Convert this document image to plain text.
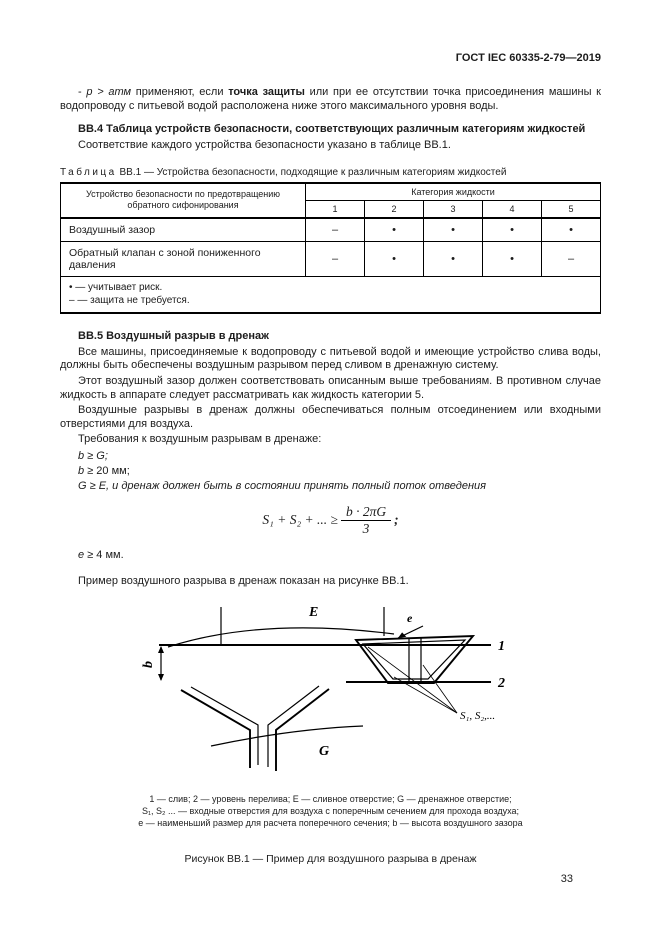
ГОСТ IEC 60335-2-79—2019

- р > атм применяют, если точка защиты или при ее отсутствии точка присоединения машины к водопроводу с питьевой водой расположена ниже этого максимального уровня воды.

ВВ.4 Таблица устройств безопасности, соответствующих различным категориям жидкостей

Соответствие каждого устройства безопасности указано в таблице ВВ.1.

Таблица ВВ.1 — Устройства безопасности, подходящие к различным категориям жидкостей
Устройство безопасности по предотвращению обратного сифонирования	Категория жидкости				
	1	2	3	4	5
Воздушный зазор	–	•	•	•	•
Обратный клапан с зоной пониженного давления	–	•	•	•	–

• — учитывает риск.
– — защита не требуется.					
ВВ.5 Воздушный разрыв в дренаж

Все машины, присоединяемые к водопроводу с питьевой водой и имеющие устройство слива воды, должны быть обеспечены воздушным разрывом перед сливом в дренажную систему.

Этот воздушный зазор должен соответствовать описанным выше требованиям. В противном случае жидкость в аппарате следует рассматривать как жидкость категории 5.

Воздушные разрывы в дренаж должны обеспечиваться полным отсоединением или входными отверстиями для воздуха.

Требования к воздушным разрывам в дренаже:

b ≥ G;
b ≥ 20 мм;
G ≥ E, и дренаж должен быть в состоянии принять полный поток отведения
S₁ + S₂ + ... ≥ $\frac{b \cdot 2\pi G}{3}$ ;
е ≥ 4 мм.

Пример воздушного разрыва в дренаж показан на рисунке ВВ.1.

E	e
1
2
b
S₁, S₂,...
G
1 — слив; 2 — уровень перелива; Е — сливное отверстие; G — дренажное отверстие;
S₁, S₂ ... — входные отверстия для воздуха с поперечным сечением для прохода воздуха;
е — наименьший размер для расчета поперечного сечения; b — высота воздушного зазора
Рисунок ВВ.1 — Пример для воздушного разрыва в дренаж
33
